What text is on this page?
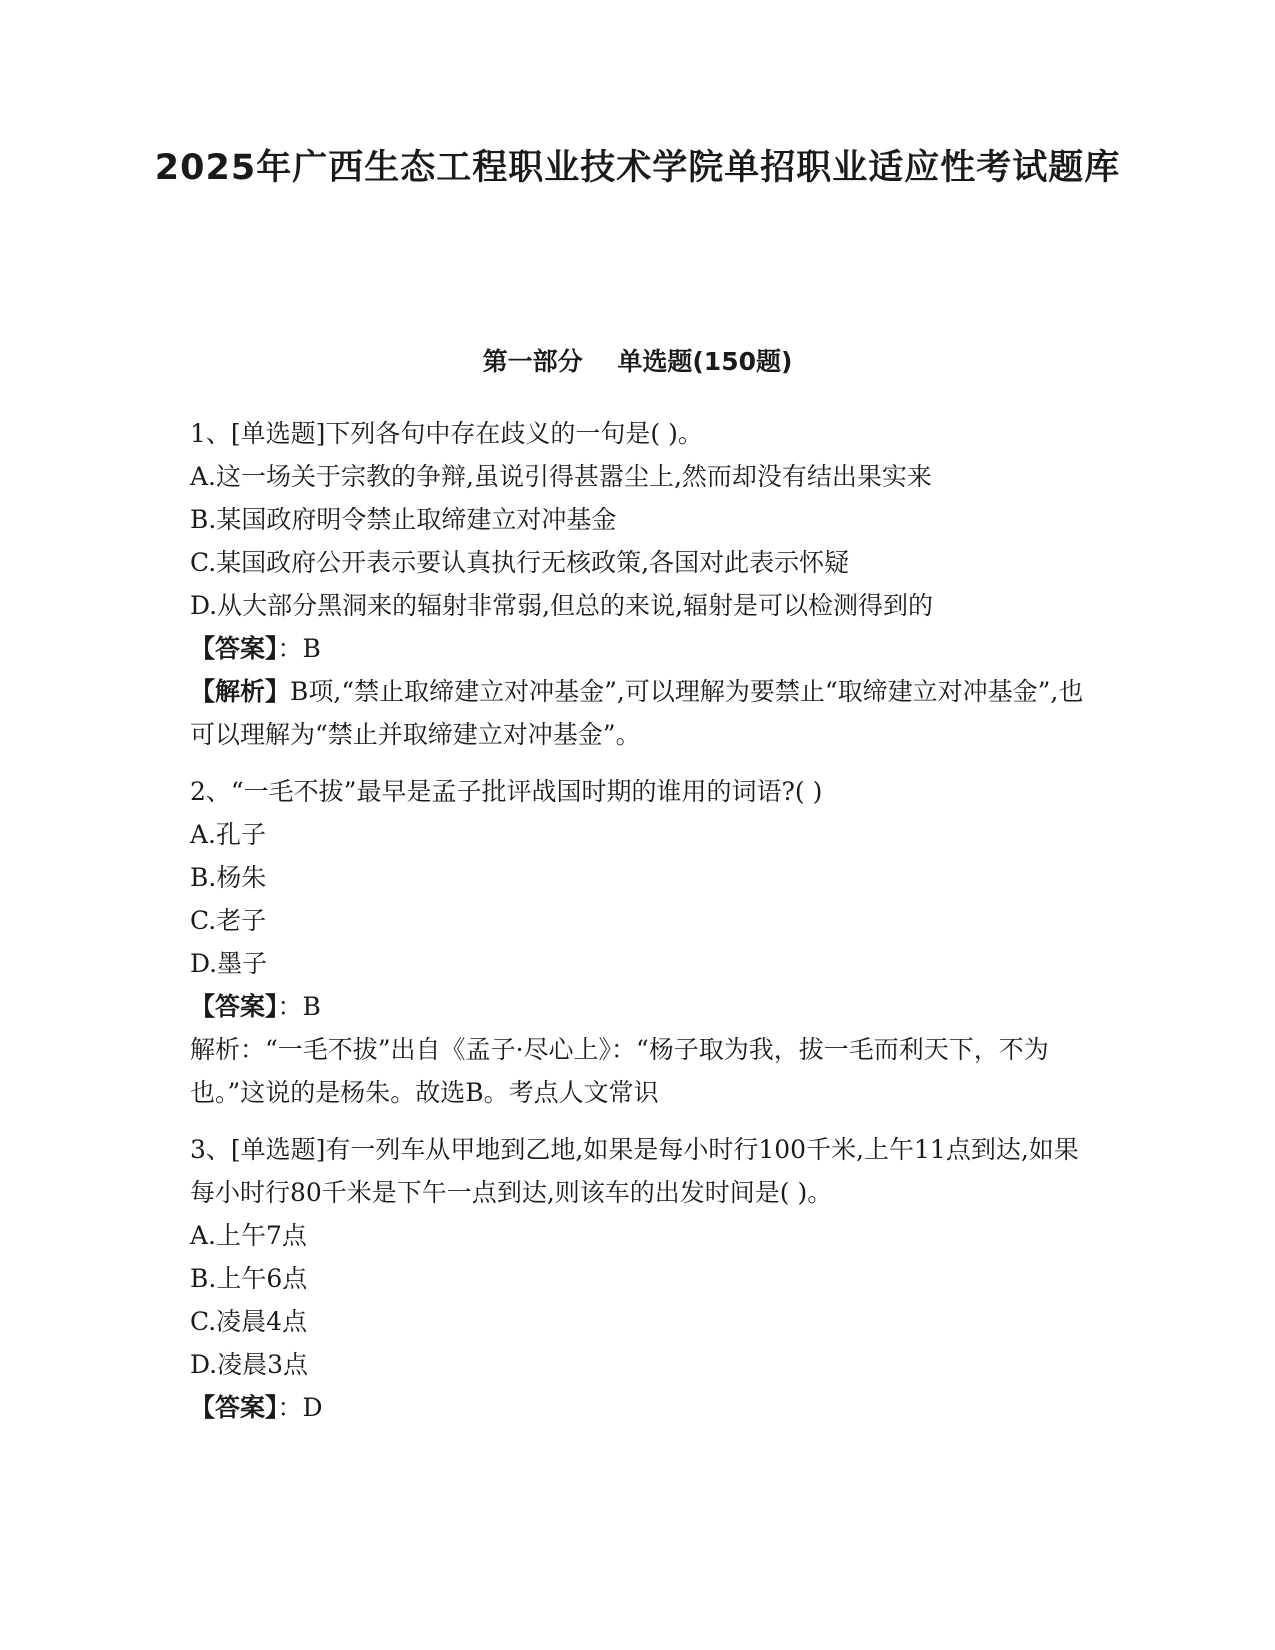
2025年广西生态工程职业技术学院单招职业适应性考试题库
第一部分    单选题(150题)

1、[单选题]下列各句中存在歧义的一句是( )。

A.这一场关于宗教的争辩,虽说引得甚嚣尘上,然而却没有结出果实来

B.某国政府明令禁止取缔建立对冲基金

C.某国政府公开表示要认真执行无核政策,各国对此表示怀疑

D.从大部分黑洞来的辐射非常弱,但总的来说,辐射是可以检测得到的

【答案】：B

【解析】B项,“禁止取缔建立对冲基金”,可以理解为要禁止“取缔建立对冲基金”,也可以理解为“禁止并取缔建立对冲基金”。

2、“一毛不拔”最早是孟子批评战国时期的谁用的词语?( )

A.孔子

B.杨朱

C.老子

D.墨子

【答案】：B

解析：“一毛不拔”出自《孟子·尽心上》：“杨子取为我，拔一毛而利天下，不为也。”这说的是杨朱。故选B。考点人文常识

3、[单选题]有一列车从甲地到乙地,如果是每小时行100千米,上午11点到达,如果每小时行80千米是下午一点到达,则该车的出发时间是( )。

A.上午7点

B.上午6点

C.凌晨4点

D.凌晨3点

【答案】：D
